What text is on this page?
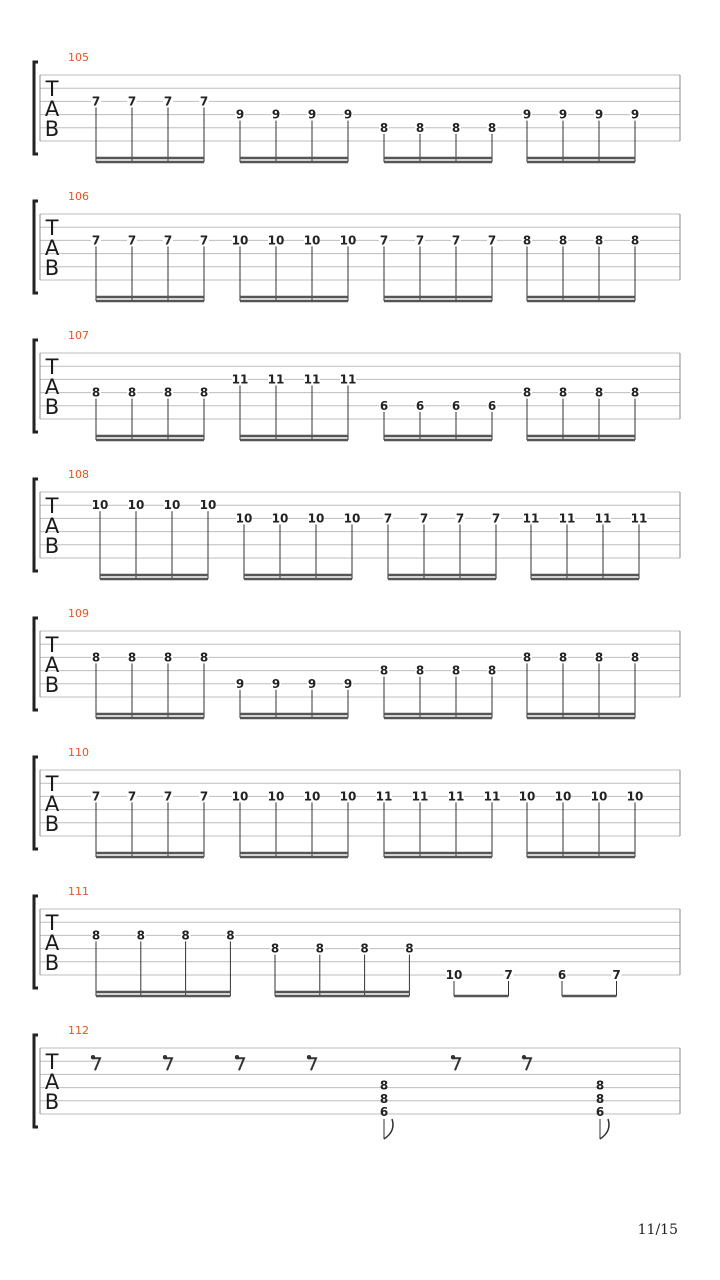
T
A
B
105
7 7 7 7
9 9 9 9
8 8 8 8
9 9 9 9
T
A
B
106
7 7 7 7 10 10 10 10 7 7 7 7 8 8 8 8
T
A
B
107
8 8 8 8
11 11 11 11
6 6 6 6
8 8 8 8
T
A
B
108
10 10 10 10
10 10 10 10 7 7 7 7 11 11 11 11
T
A
B
109
8 8 8 8
9 9 9 9
8 8 8 8
8 8 8 8
T
A
B
110
7 7 7 7 10 10 10 10 11 11 11 11 10 10 10 10
T
A
B
111
8	8	8	8
8	8	8	8
10	7	6	7
T
A
B
112
8
8
6
8
8
6
11/15
